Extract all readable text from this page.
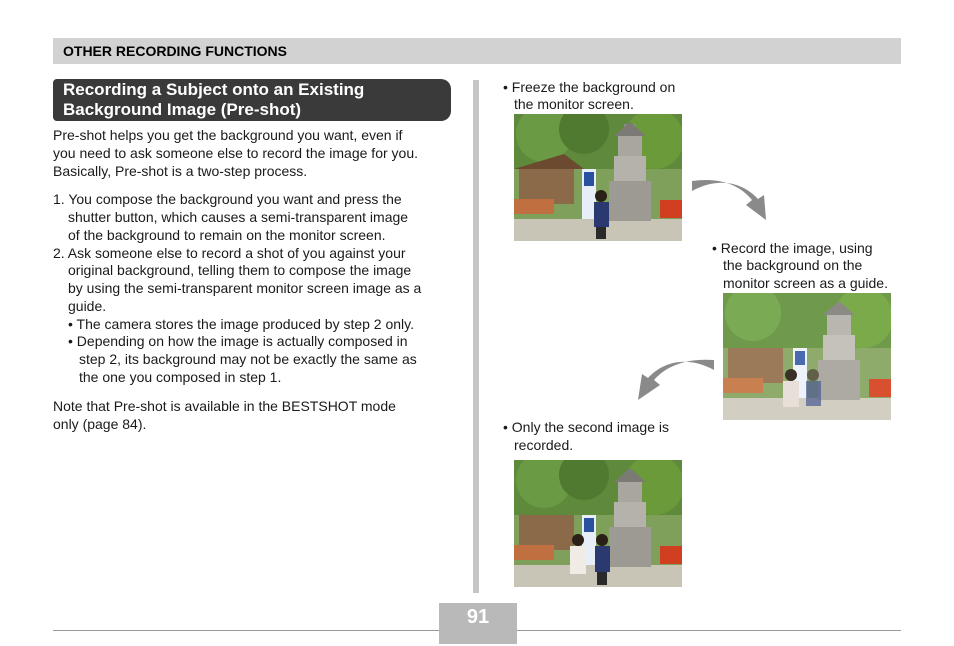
OTHER RECORDING FUNCTIONS
Recording a Subject onto an Existing
Background Image (Pre-shot)
Pre-shot helps you get the background you want, even if
you need to ask someone else to record the image for you.
Basically, Pre-shot is a two-step process.
1. You compose the background you want and press the
shutter button, which causes a semi-transparent image
of the background to remain on the monitor screen.
2. Ask someone else to record a shot of you against your
original background, telling them to compose the image
by using the semi-transparent monitor screen image as a
guide.
• The camera stores the image produced by step 2 only.
• Depending on how the image is actually composed in
step 2, its background may not be exactly the same as
the one you composed in step 1.
Note that Pre-shot is available in the BESTSHOT mode
only (page 84).
• Freeze the background on
the monitor screen.
• Record the image, using
the background on the
monitor screen as a guide.
• Only the second image is
recorded.
91
